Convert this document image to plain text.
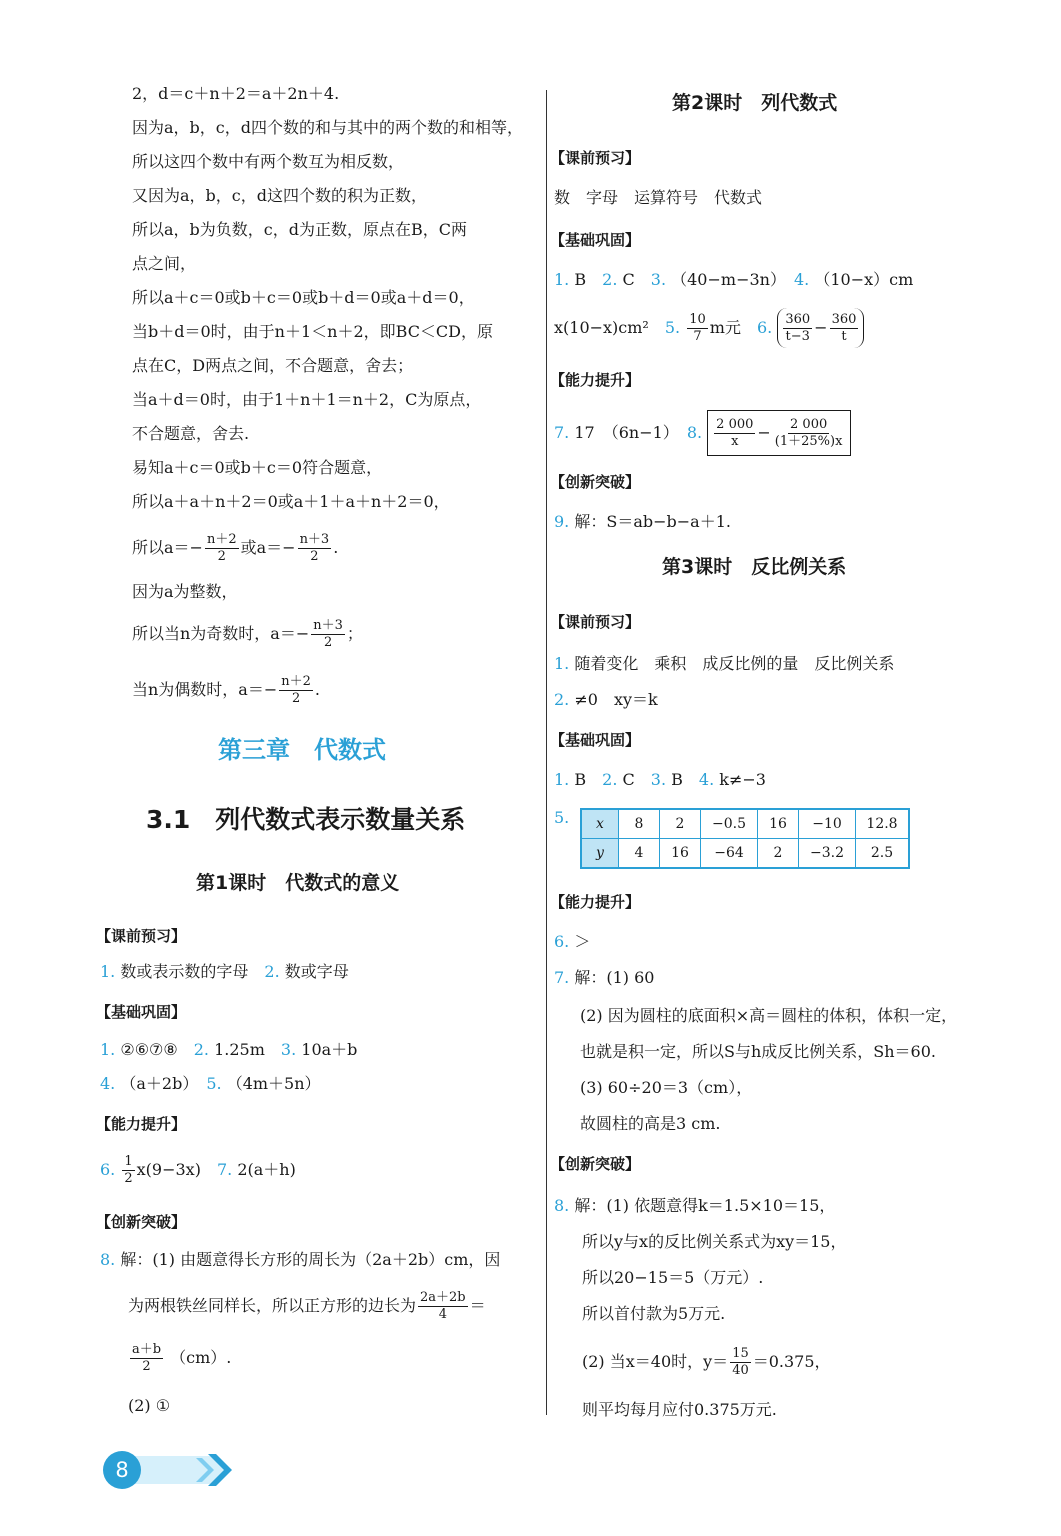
2，d＝c＋n＋2＝a＋2n＋4.
因为a，b，c，d四个数的和与其中的两个数的和相等，
所以这四个数中有两个数互为相反数，
又因为a，b，c，d这四个数的积为正数，
所以a，b为负数，c，d为正数，原点在B，C两
点之间，
所以a＋c＝0或b＋c＝0或b＋d＝0或a＋d＝0，
当b＋d＝0时，由于n＋1＜n＋2，即BC＜CD，原
点在C，D两点之间，不合题意，舍去；
当a＋d＝0时，由于1＋n＋1＝n＋2，C为原点，
不合题意，舍去.
易知a＋c＝0或b＋c＝0符合题意，
所以a＋a＋n＋2＝0或a＋1＋a＋n＋2＝0，
所以$a=- \frac{n+2}{2}$ 或$a=- \frac{n+3}{2}$ .
因为a为整数，
所以当n为奇数时，$a=- \frac{n+3}{2}$ ；
当n为偶数时，$a=- \frac{n+2}{2}$ .
第三章　代数式
3.1　列代数式表示数量关系
第1课时　代数式的意义
【课前预习】
1. 数或表示数的字母　 2. 数或字母
【基础巩固】
1. ②⑥⑦⑧　 2. 1.25m　 3. 10a＋b
4. （a＋2b）　 5. （4m＋5n）
【能力提升】
6. $\frac{1}{2} x(9-3x)$　 7. 2(a＋h)
【创新突破】
8. 解：(1) 由题意得长方形的周长为（2a＋2b）cm，因
为两根铁丝同样长，所以正方形的边长为 $\frac{2a+2b}{4}$ ＝
$\frac{a+b}{2} (cm)$.
(2) ①
第2课时　列代数式
【课前预习】
数　字母　运算符号　代数式
【基础巩固】
1. B　 2. C　 3. （40−m−3n）　 4. （10−x）cm
x(10−x)cm²　 5. $\frac{10}{7}$ m元　 6. $\frac{360}{t-3} - \frac{360}{t}$
【能力提升】
7. 17　（6n−1）　 8. $\frac{2 000}{x} - \frac{2 000}{(1+25\%)x}$
【创新突破】
9. 解：S＝ab−b−a＋1.
第3课时　反比例关系
【课前预习】
1. 随着变化　乘积　成反比例的量　反比例关系
2. ≠0　xy＝k
【基础巩固】
1. B　 2. C　 3. B　 4. k≠−3
5. x	8	2	−0.5	16	−10	12.8
y	4	16	−64	2	−3.2	2.5
【能力提升】
6. ＞
7. 解：(1) 60
(2) 因为圆柱的底面积×高＝圆柱的体积，体积一定，
也就是积一定，所以S与h成反比例关系，Sh＝60.
(3) 60÷20＝3（cm），
故圆柱的高是3 cm.
【创新突破】
8. 解：(1) 依题意得k＝1.5×10＝15，
所以y与x的反比例关系式为xy＝15，
所以20−15＝5（万元）.
所以首付款为5万元.
(2) 当x＝40时，$y= \frac{15}{40} =0.375$，
则平均每月应付0.375万元.
8
